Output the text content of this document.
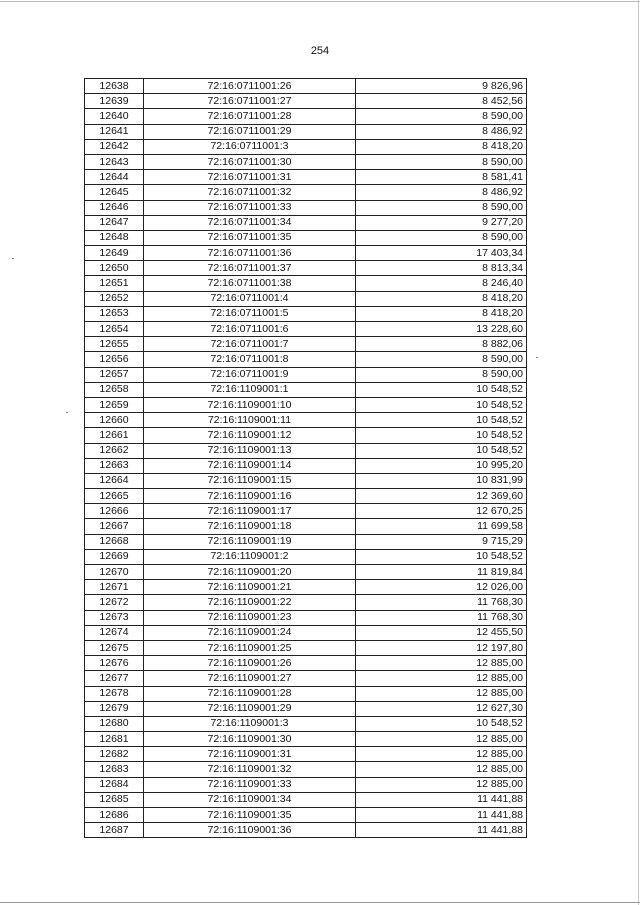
254
12638	72:16:0711001:26	9 826,96
12639	72:16:0711001:27	8 452,56
12640	72:16:0711001:28	8 590,00
12641	72:16:0711001:29	8 486,92
12642	72:16:0711001:3	8 418,20
12643	72:16:0711001:30	8 590,00
12644	72:16:0711001:31	8 581,41
12645	72:16:0711001:32	8 486,92
12646	72:16:0711001:33	8 590,00
12647	72:16:0711001:34	9 277,20
12648	72:16:0711001:35	8 590,00
12649	72:16:0711001:36	17 403,34
12650	72:16:0711001:37	8 813,34
12651	72:16:0711001:38	8 246,40
12652	72:16:0711001:4	8 418,20
12653	72:16:0711001:5	8 418,20
12654	72:16:0711001:6	13 228,60
12655	72:16:0711001:7	8 882,06
12656	72:16:0711001:8	8 590,00
12657	72:16:0711001:9	8 590,00
12658	72:16:1109001:1	10 548,52
12659	72:16:1109001:10	10 548,52
12660	72:16:1109001:11	10 548,52
12661	72:16:1109001:12	10 548,52
12662	72:16:1109001:13	10 548,52
12663	72:16:1109001:14	10 995,20
12664	72:16:1109001:15	10 831,99
12665	72:16:1109001:16	12 369,60
12666	72:16:1109001:17	12 670,25
12667	72:16:1109001:18	11 699,58
12668	72:16:1109001:19	9 715,29
12669	72:16:1109001:2	10 548,52
12670	72:16:1109001:20	11 819,84
12671	72:16:1109001:21	12 026,00
12672	72:16:1109001:22	11 768,30
12673	72:16:1109001:23	11 768,30
12674	72:16:1109001:24	12 455,50
12675	72:16:1109001:25	12 197,80
12676	72:16:1109001:26	12 885,00
12677	72:16:1109001:27	12 885,00
12678	72:16:1109001:28	12 885,00
12679	72:16:1109001:29	12 627,30
12680	72:16:1109001:3	10 548,52
12681	72:16:1109001:30	12 885,00
12682	72:16:1109001:31	12 885,00
12683	72:16:1109001:32	12 885,00
12684	72:16:1109001:33	12 885,00
12685	72:16:1109001:34	11 441,88
12686	72:16:1109001:35	11 441,88
12687	72:16:1109001:36	11 441,88
